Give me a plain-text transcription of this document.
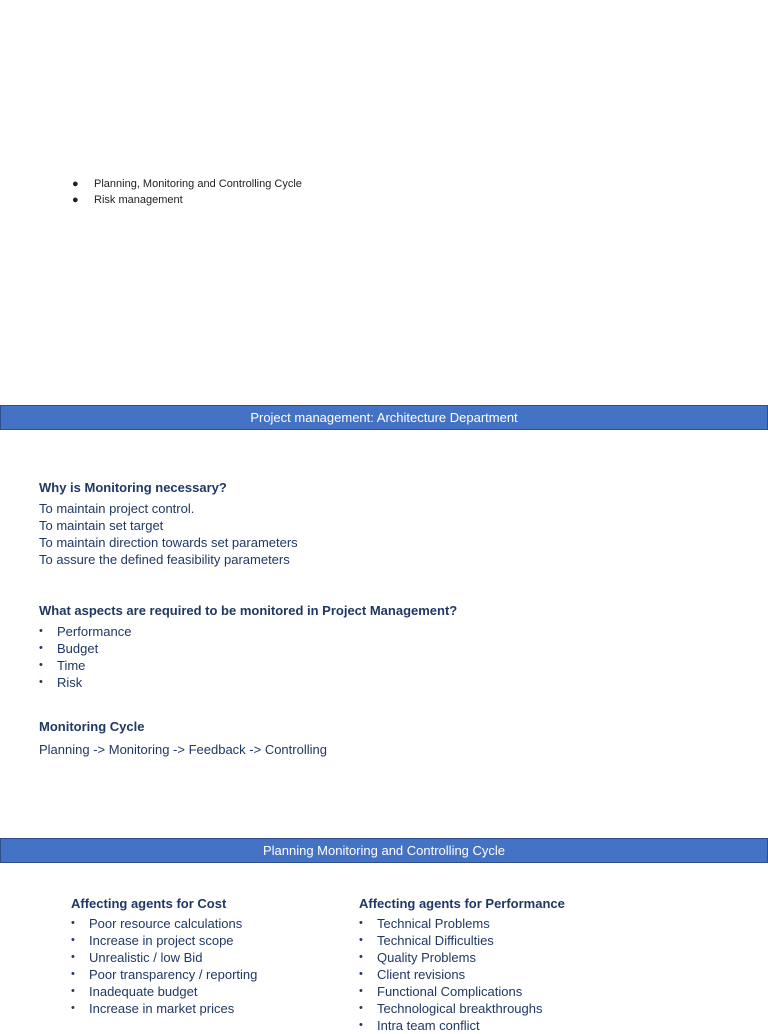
● Planning, Monitoring and Controlling Cycle
● Risk management
Project management: Architecture Department
Why is Monitoring necessary?
To maintain project control.
To maintain set target
To maintain direction towards set parameters
To assure the defined feasibility parameters
What aspects are required to be monitored in Project Management?
• Performance
• Budget
• Time
• Risk
Monitoring Cycle
Planning -> Monitoring -> Feedback -> Controlling
Planning Monitoring and Controlling Cycle
Affecting agents for Cost
• Poor resource calculations
• Increase in project scope
• Unrealistic / low Bid
• Poor transparency / reporting
• Inadequate budget
• Increase in market prices
Affecting agents for Performance
• Technical Problems
• Technical Difficulties
• Quality Problems
• Client revisions
• Functional Complications
• Technological breakthroughs
• Intra team conflict
